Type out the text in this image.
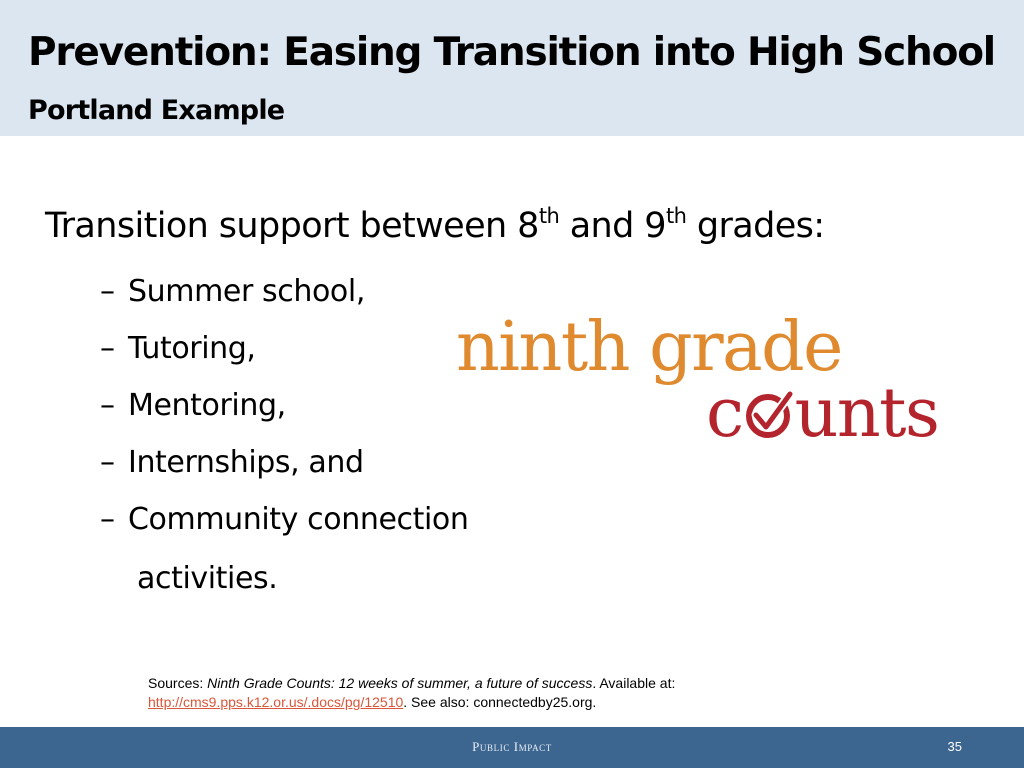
Prevention: Easing Transition into High School
Portland Example

Transition support between 8th and 9th grades:

– Summer school,
– Tutoring,
– Mentoring,
– Internships, and
– Community connection

activities.

ninth grade
c unts
Sources: Ninth Grade Counts: 12 weeks of summer, a future of success. Available at:
http://cms9.pps.k12.or.us/.docs/pg/12510. See also: connectedby25.org.
Public Impact	35
